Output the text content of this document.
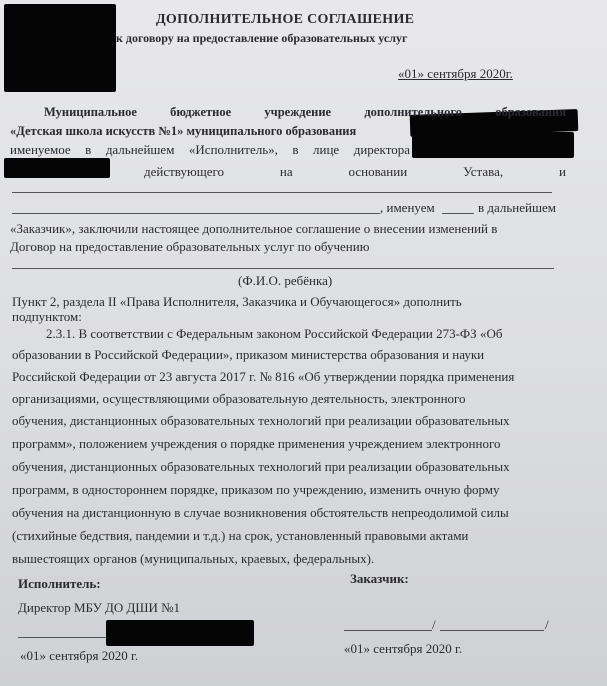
ДОПОЛНИТЕЛЬНОЕ СОГЛАШЕНИЕ
к договору на предоставление образовательных услуг
«01» сентября 2020г.
Муниципальное	бюджетное	учреждение	дополнительного	образования
«Детская школа искусств №1» муниципального образования
именуемое в дальнейшем «Исполнитель», в лице директора
действующего	на	основании	Устава,	и
, именуем	в дальнейшем
«Заказчик», заключили настоящее дополнительное соглашение о внесении изменений в
Договор на предоставление образовательных услуг по обучению
(Ф.И.О. ребёнка)
Пункт 2, раздела II «Права Исполнителя, Заказчика и Обучающегося» дополнить
подпунктом:
2.3.1. В соответствии с Федеральным законом Российской Федерации 273-ФЗ «Об
образовании в Российской Федерации», приказом министерства образования и науки
Российской Федерации от 23 августа 2017 г. № 816 «Об утверждении порядка применения
организациями, осуществляющими образовательную деятельность, электронного
обучения, дистанционных образовательных технологий при реализации образовательных
программ», положением учреждения о порядке применения учреждением электронного
обучения, дистанционных образовательных технологий при реализации образовательных
программ, в одностороннем порядке, приказом по учреждению, изменить очную форму
обучения на дистанционную в случае возникновения обстоятельств непреодолимой силы
(стихийные бедствия, пандемии и т.д.) на срок, установленный правовыми актами
вышестоящих органов (муниципальных, краевых, федеральных).
Исполнитель:
Директор МБУ ДО ДШИ №1
«01» сентября 2020 г.
Заказчик:
/	/
«01» сентября 2020 г.
